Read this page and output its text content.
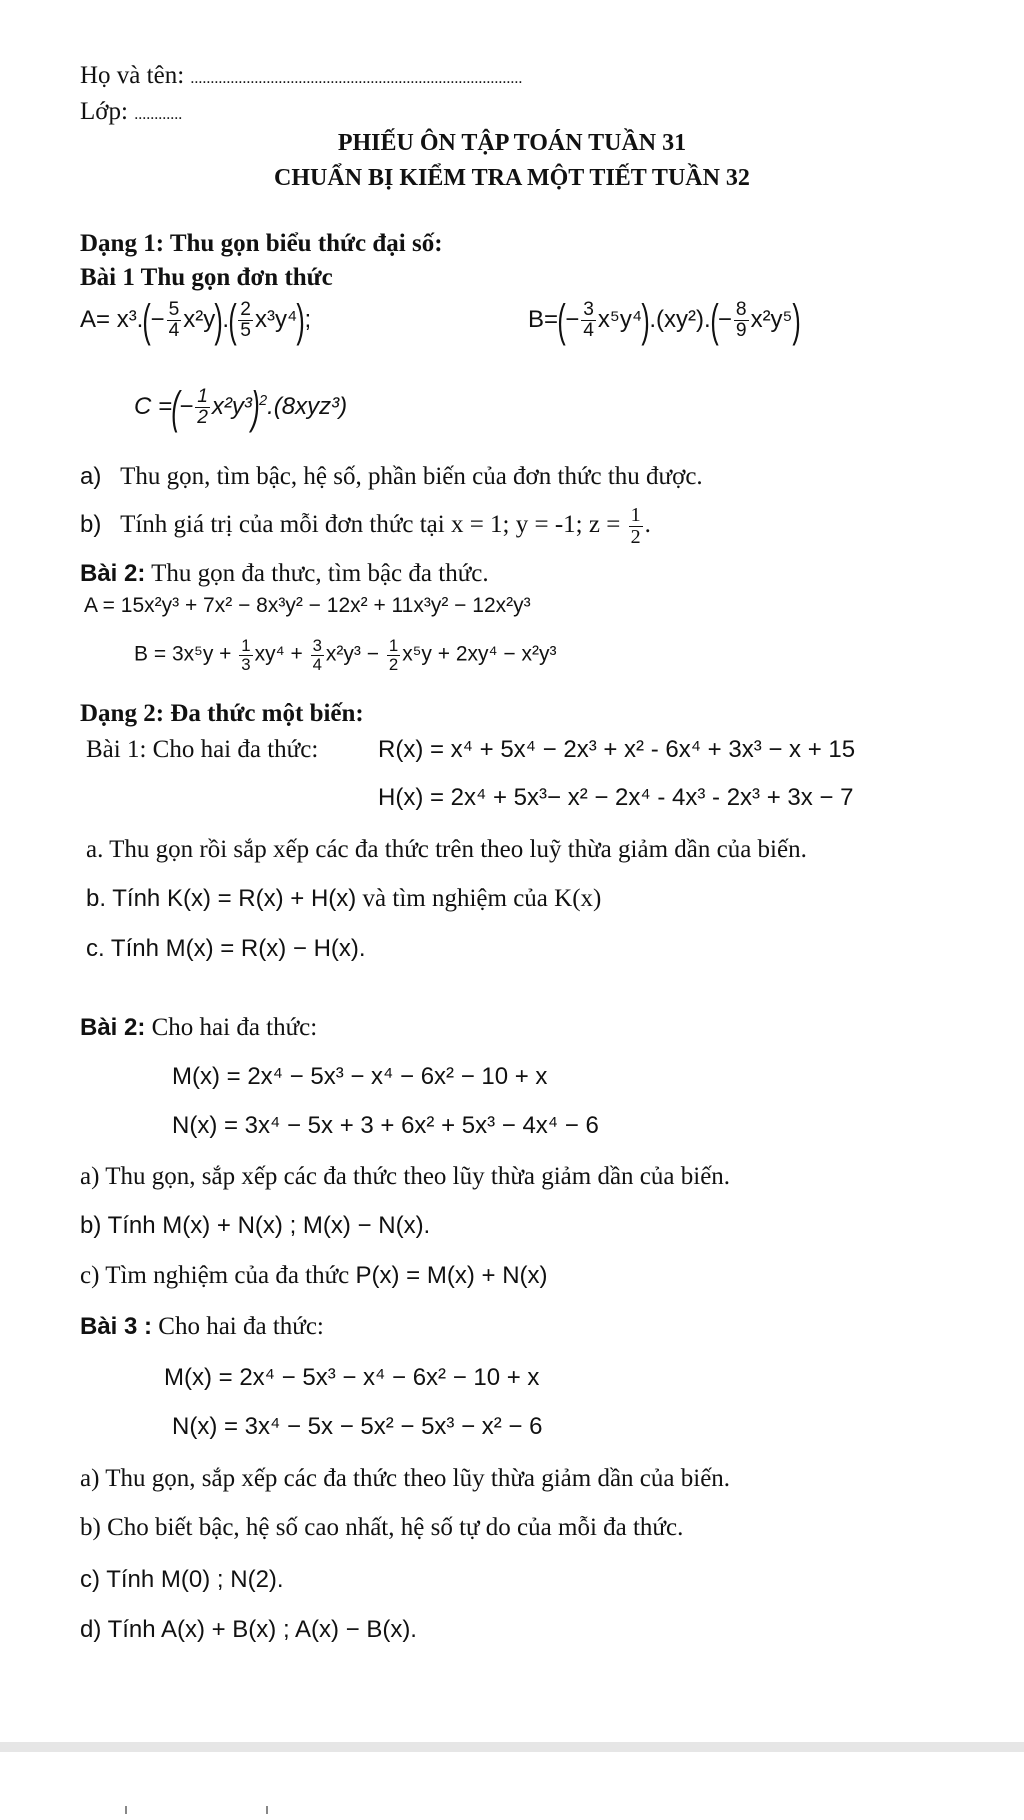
Họ và tên: ...................................................................................
Lớp: ............
PHIẾU ÔN TẬP TOÁN TUẦN 31
CHUẨN BỊ KIỂM TRA MỘT TIẾT TUẦN 32
Dạng 1: Thu gọn biểu thức đại số:
Bài 1 Thu gọn đơn thức
$A= x^3.(- \frac{5}{4} x^2y).( \frac{2}{5} x^3y^4)$;	$B=(- \frac{3}{4} x^5y^4).(xy^2).(- \frac{8}{9} x^2y^5)$
C =(− $\frac{1}{2} x^2y^3)^2.(8xyz^3)$
a) Thu gọn, tìm bậc, hệ số, phần biến của đơn thức thu được.
b) Tính giá trị của mỗi đơn thức tại x = 1; y = -1; $z = \frac{1}{2}$ .
Bài 2: Thu gọn đa thưc, tìm bậc đa thức.
A = 15x²y³ + 7x² − 8x³y² − 12x² + 11x³y² − 12x²y³
$B = 3x^5y + \frac{1}{3} xy^4 + \frac{3}{4} x^2y^3 - \frac{1}{2} x^5y + 2xy^4 - x^2y^3$
Dạng 2: Đa thức một biến:
Bài 1: Cho hai đa thức: R(x) = x⁴ + 5x⁴ − 2x³ + x² - 6x⁴ + 3x³ − x + 15
H(x) = 2x⁴ + 5x³− x² − 2x⁴ - 4x³ - 2x³ + 3x − 7
a. Thu gọn rồi sắp xếp các đa thức trên theo luỹ thừa giảm dần của biến.
b. Tính K(x) = R(x) + H(x) và tìm nghiệm của K(x)
c. Tính M(x) = R(x) − H(x).
Bài 2: Cho hai đa thức:
M(x) = 2x⁴ − 5x³ − x⁴ − 6x² − 10 + x
N(x) = 3x⁴ − 5x + 3 + 6x² + 5x³ − 4x⁴ − 6
a) Thu gọn, sắp xếp các đa thức theo lũy thừa giảm dần của biến.
b) Tính M(x) + N(x) ; M(x) − N(x).
c) Tìm nghiệm của đa thức P(x) = M(x) + N(x)
Bài 3 : Cho hai đa thức:
M(x) = 2x⁴ − 5x³ − x⁴ − 6x² − 10 + x
N(x) = 3x⁴ − 5x − 5x² − 5x³ − x² − 6
a) Thu gọn, sắp xếp các đa thức theo lũy thừa giảm dần của biến.
b) Cho biết bậc, hệ số cao nhất, hệ số tự do của mỗi đa thức.
c) Tính M(0) ; N(2).
d) Tính A(x) + B(x) ; A(x) − B(x).
